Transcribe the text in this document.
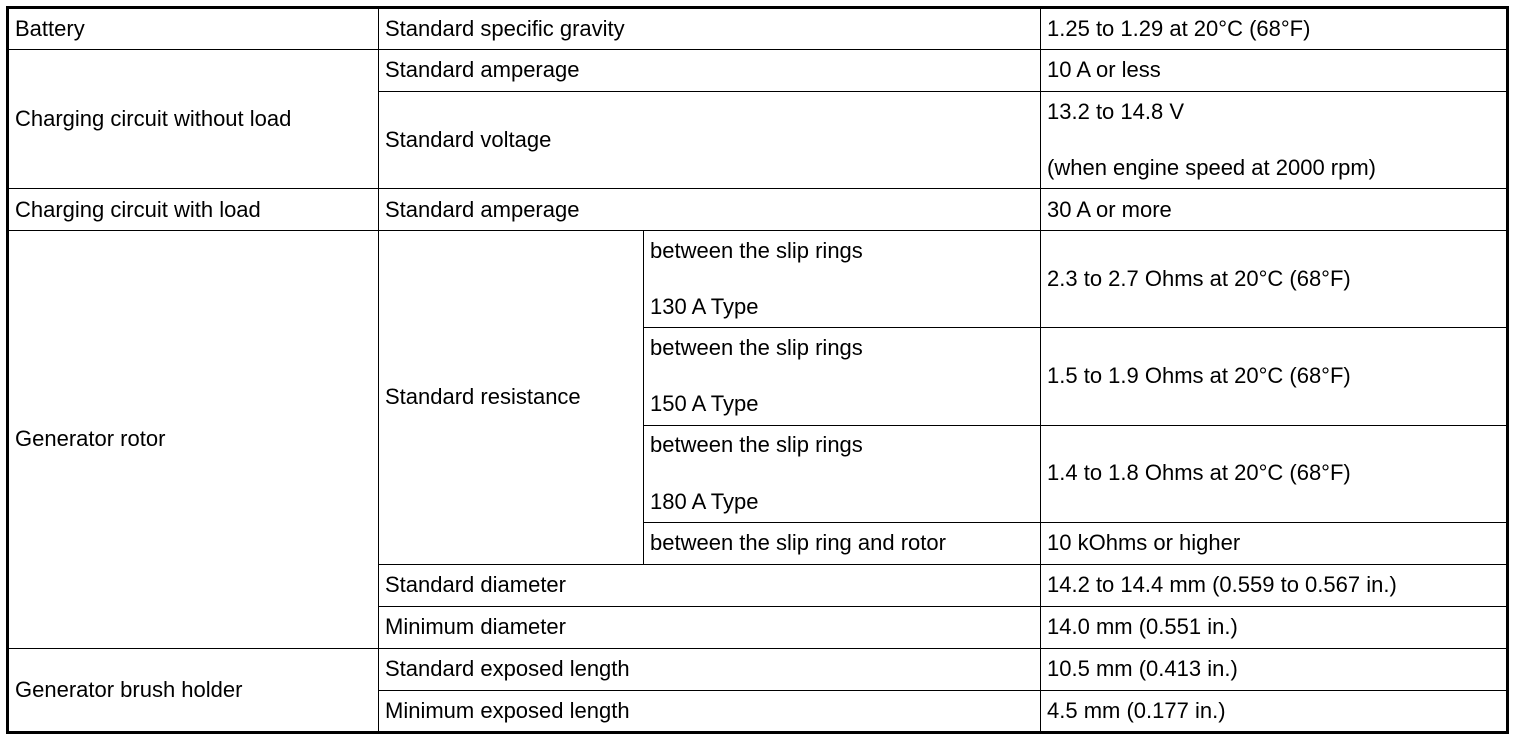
Battery	Standard specific gravity		1.25 to 1.29 at 20°C (68°F)
Charging circuit without load	Standard amperage		10 A or less
	Standard voltage		13.2 to 14.8 V
(when engine speed at 2000 rpm)

Charging circuit with load	Standard amperage		30 A or more
Generator rotor	Standard resistance	between the slip rings
130 A Type	2.3 to 2.7 Ohms at 20°C (68°F)

		between the slip rings
150 A Type	1.5 to 1.9 Ohms at 20°C (68°F)

		between the slip rings
180 A Type	1.4 to 1.8 Ohms at 20°C (68°F)
		between the slip ring and rotor	10 kOhms or higher
	Standard diameter		14.2 to 14.4 mm (0.559 to 0.567 in.)
	Minimum diameter		14.0 mm (0.551 in.)
Generator brush holder	Standard exposed length		10.5 mm (0.413 in.)
	Minimum exposed length		4.5 mm (0.177 in.)
